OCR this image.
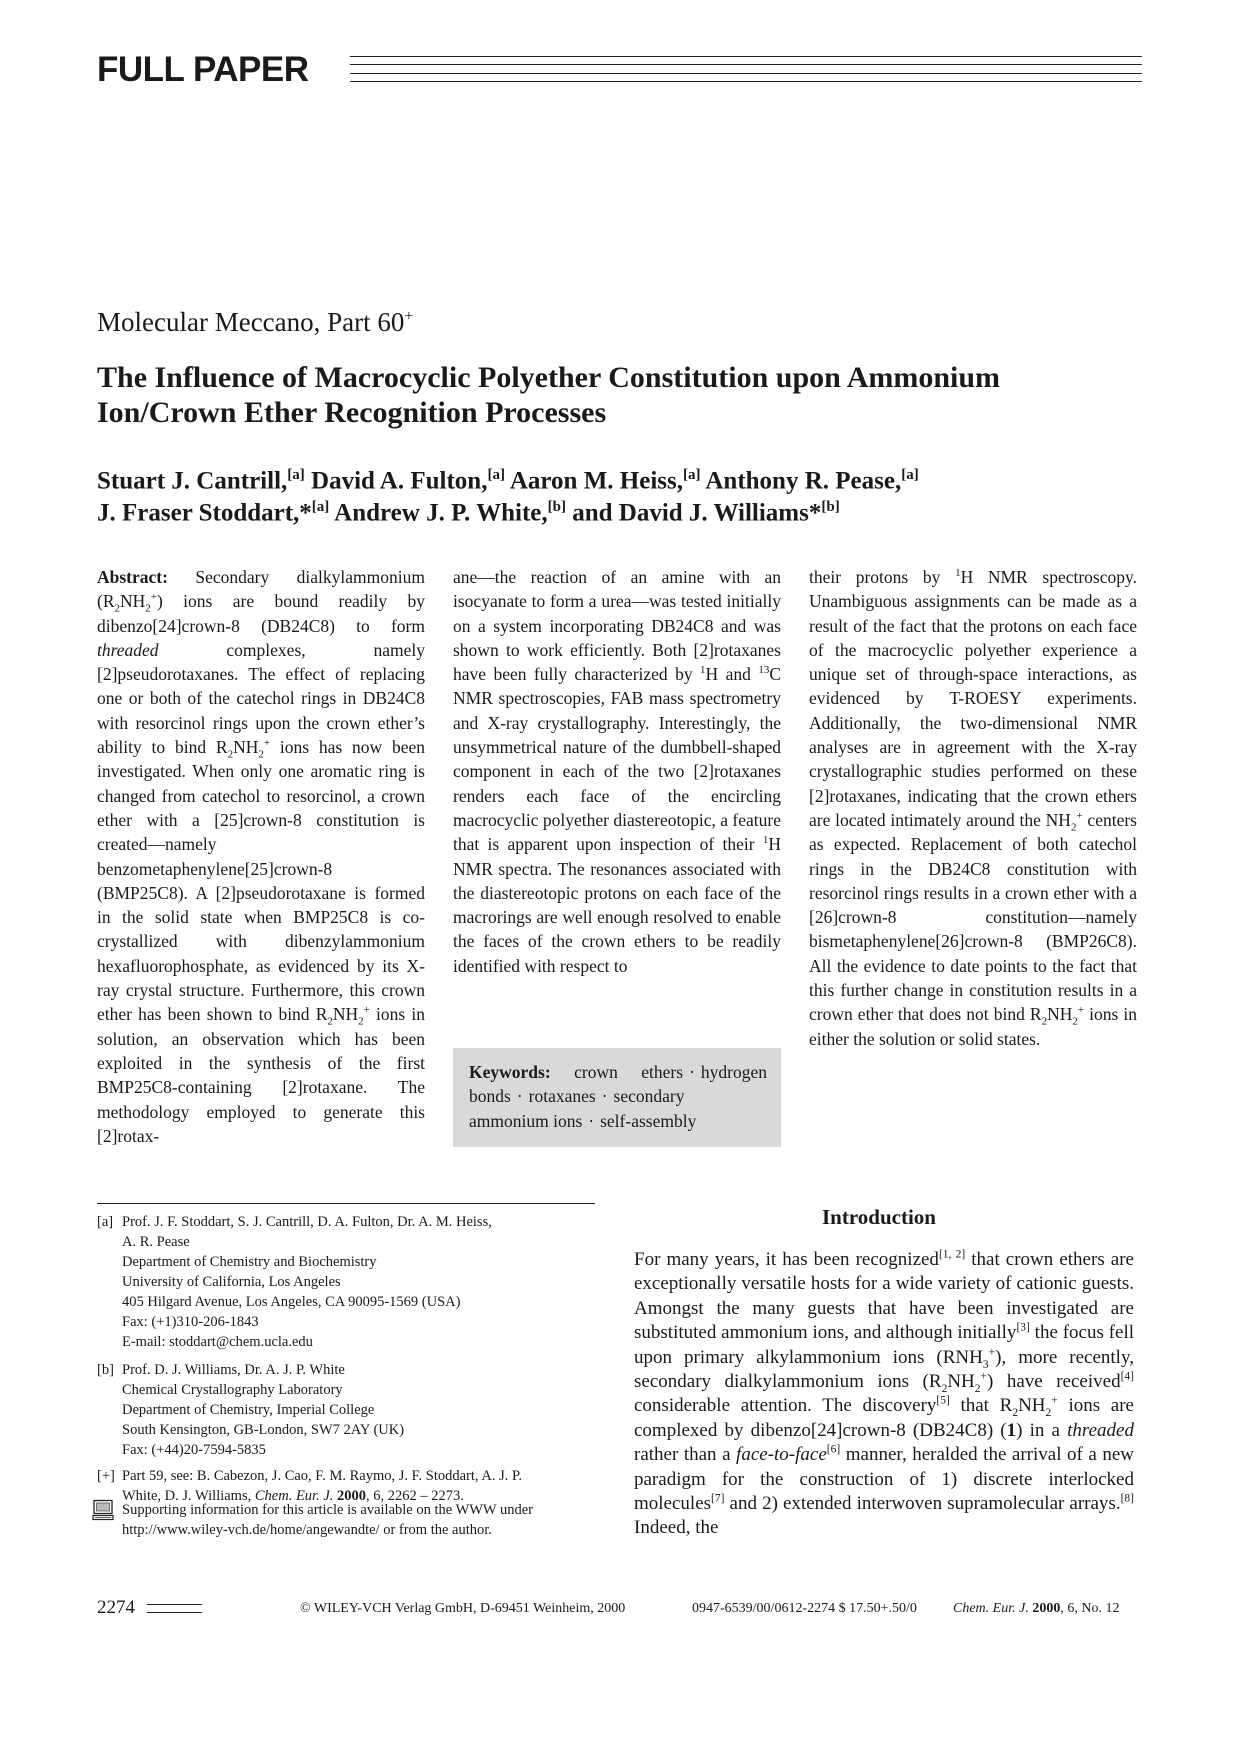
FULL PAPER
Molecular Meccano, Part 60+
The Influence of Macrocyclic Polyether Constitution upon Ammonium Ion/Crown Ether Recognition Processes
Stuart J. Cantrill,[a] David A. Fulton,[a] Aaron M. Heiss,[a] Anthony R. Pease,[a]
J. Fraser Stoddart,*[a] Andrew J. P. White,[b] and David J. Williams*[b]

Abstract: Secondary dialkylammonium $(R_2NH_2^+)$ ions are bound readily by dibenzo[24]crown-8 (DB24C8) to form threaded complexes, namely [2]pseudorotaxanes. The effect of replacing one or both of the catechol rings in DB24C8 with resorcinol rings upon the crown ether’s ability to bind $R_2NH_2^+$ ions has now been investigated. When only one aromatic ring is changed from catechol to resorcinol, a crown ether with a [25]crown-8 constitution is created—namely benzometaphenylene[25]crown-8 (BMP25C8). A [2]pseudorotaxane is formed in the solid state when BMP25C8 is co-crystallized with dibenzylammonium hexafluorophosphate, as evidenced by its X-ray crystal structure. Furthermore, this crown ether has been shown to bind $R_2NH_2^+$ ions in solution, an observation which has been exploited in the synthesis of the first BMP25C8-containing [2]rotaxane. The methodology employed to generate this [2]rotax-

ane—the reaction of an amine with an isocyanate to form a urea—was tested initially on a system incorporating DB24C8 and was shown to work efficiently. Both [2]rotaxanes have been fully characterized by $^1$H and $^{13}$C NMR spectroscopies, FAB mass spectrometry and X-ray crystallography. Interestingly, the unsymmetrical nature of the dumbbell-shaped component in each of the two [2]rotaxanes renders each face of the encircling macrocyclic polyether diastereotopic, a feature that is apparent upon inspection of their $^1$H NMR spectra. The resonances associated with the diastereotopic protons on each face of the macrorings are well enough resolved to enable the faces of the crown ethers to be readily identified with respect to

Keywords: crown ethers · hydrogen bonds · rotaxanes · secondary ammonium ions · self-assembly

their protons by $^1$H NMR spectroscopy. Unambiguous assignments can be made as a result of the fact that the protons on each face of the macrocyclic polyether experience a unique set of through-space interactions, as evidenced by T-ROESY experiments. Additionally, the two-dimensional NMR analyses are in agreement with the X-ray crystallographic studies performed on these [2]rotaxanes, indicating that the crown ethers are located intimately around the $NH_2^+$ centers as expected. Replacement of both catechol rings in the DB24C8 constitution with resorcinol rings results in a crown ether with a [26]crown-8 constitution—namely bismetaphenylene[26]crown-8 (BMP26C8). All the evidence to date points to the fact that this further change in constitution results in a crown ether that does not bind $R_2NH_2^+$ ions in either the solution or solid states.

[a] Prof. J. F. Stoddart, S. J. Cantrill, D. A. Fulton, Dr. A. M. Heiss,
A. R. Pease
Department of Chemistry and Biochemistry
University of California, Los Angeles
405 Hilgard Avenue, Los Angeles, CA 90095-1569 (USA)
Fax: (+1)310-206-1843
E-mail: stoddart@chem.ucla.edu
[b] Prof. D. J. Williams, Dr. A. J. P. White
Chemical Crystallography Laboratory
Department of Chemistry, Imperial College
South Kensington, GB-London, SW7 2AY (UK)
Fax: (+44)20-7594-5835
[+] Part 59, see: B. Cabezon, J. Cao, F. M. Raymo, J. F. Stoddart, A. J. P.
White, D. J. Williams, Chem. Eur. J. 2000, 6, 2262 – 2273.
Supporting information for this article is available on the WWW under
http://www.wiley-vch.de/home/angewandte/ or from the author.
Introduction

For many years, it has been recognized[1, 2] that crown ethers are exceptionally versatile hosts for a wide variety of cationic guests. Amongst the many guests that have been investigated are substituted ammonium ions, and although initially[3] the focus fell upon primary alkylammonium ions $(RNH_3^+)$, more recently, secondary dialkylammonium ions $(R_2NH_2^+)$ have received[4] considerable attention. The discovery[5] that $R_2NH_2^+$ ions are complexed by dibenzo[24]crown-8 (DB24C8) (1) in a threaded rather than a face-to-face[6] manner, heralded the arrival of a new paradigm for the construction of 1) discrete interlocked molecules[7] and 2) extended interwoven supramolecular arrays.[8] Indeed, the

2274	© WILEY-VCH Verlag GmbH, D-69451 Weinheim, 2000	0947-6539/00/0612-2274 $ 17.50+.50/0	Chem. Eur. J. 2000, 6, No. 12
